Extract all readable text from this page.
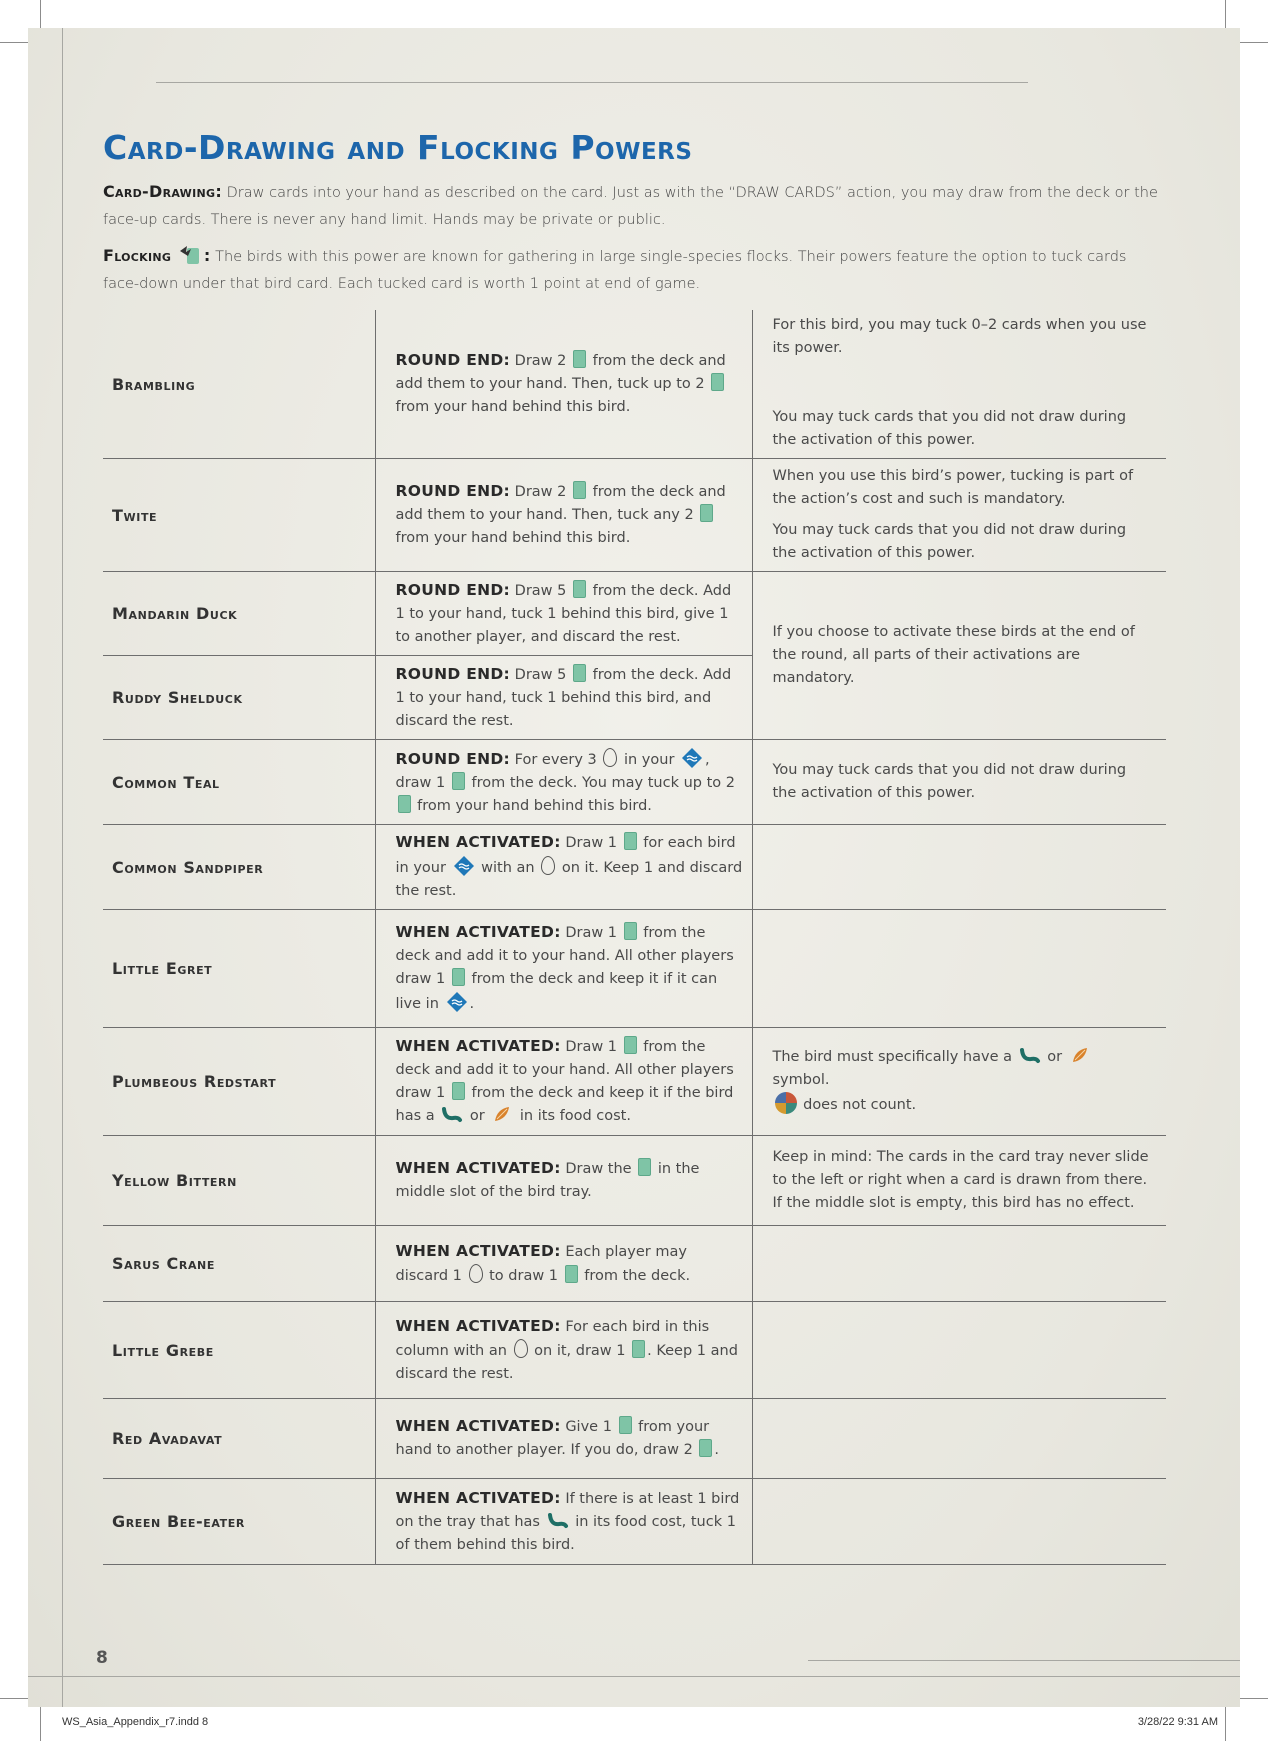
Card-Drawing and Flocking Powers

Card-Drawing: Draw cards into your hand as described on the card. Just as with the “DRAW CARDS” action, you may draw from the deck or the face-up cards. There is never any hand limit. Hands may be private or public.

Flocking : The birds with this power are known for gathering in large single-species flocks. Their powers feature the option to tuck cards face-down under that bird card. Each tucked card is worth 1 point at end of game.

Brambling	ROUND END: Draw 2 from the deck and add them to your hand. Then, tuck up to 2  from your hand behind this bird.	For this bird, you may tuck 0–2 cards when you use its power.
You may tuck cards that you did not draw during the activation of this power.

Twite	ROUND END: Draw 2 from the deck and add them to your hand. Then, tuck any 2  from your hand behind this bird.	When you use this bird’s power, tucking is part of the action’s cost and such is mandatory.
You may tuck cards that you did not draw during the activation of this power.

Mandarin Duck	ROUND END: Draw 5 from the deck. Add 1 to your hand, tuck 1 behind this bird, give 1 to another player, and discard the rest.	If you choose to activate these birds at the end of the round, all parts of their activations are mandatory.

Ruddy Shelduck	ROUND END: Draw 5 from the deck. Add 1 to your hand, tuck 1 behind this bird, and discard the rest.	
Common Teal	ROUND END: For every 3 in your , draw 1 from the deck. You may tuck up to 2  from your hand behind this bird.	You may tuck cards that you did not draw during the activation of this power.

Common Sandpiper	WHEN ACTIVATED: Draw 1 for each bird in your with an on it. Keep 1 and discard the rest.	
Little Egret	WHEN ACTIVATED: Draw 1 from the deck and add it to your hand. All other players draw 1 from the deck and keep it if it can live in .	
Plumbeous Redstart	WHEN ACTIVATED: Draw 1 from the deck and add it to your hand. All other players draw 1 from the deck and keep it if the bird has a or in its food cost.	The bird must specifically have a or  symbol.
does not count.
Yellow Bittern	WHEN ACTIVATED: Draw the in the middle slot of the bird tray.	Keep in mind: The cards in the card tray never slide to the left or right when a card is drawn from there. If the middle slot is empty, this bird has no effect.

Sarus Crane	WHEN ACTIVATED: Each player may discard 1 to draw 1 from the deck.	
Little Grebe	WHEN ACTIVATED: For each bird in this column with an on it, draw 1 . Keep 1 and discard the rest.	
Red Avadavat	WHEN ACTIVATED: Give 1 from your hand to another player. If you do, draw 2 .	
Green Bee-eater	WHEN ACTIVATED: If there is at least 1 bird on the tray that has in its food cost, tuck 1 of them behind this bird.	
8
WS_Asia_Appendix_r7.indd 8	3/28/22 9:31 AM
